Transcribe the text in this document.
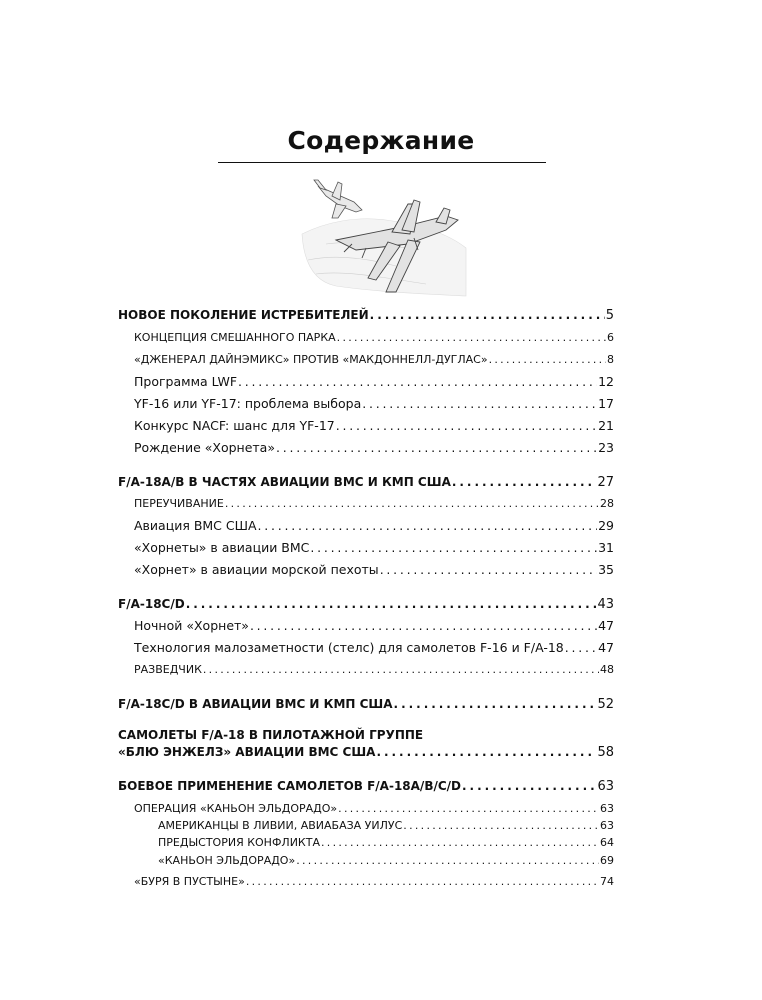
Содержание
НОВОЕ ПОКОЛЕНИЕ ИСТРЕБИТЕЛЕЙ . . .	5
КОНЦЕПЦИЯ СМЕШАННОГО ПАРКА . . .	6
«ДЖЕНЕРАЛ ДАЙНЭМИКС» ПРОТИВ «МАКДОННЕЛЛ-ДУГЛАС» . . .	8
Программа LWF . . .	12
YF-16 или YF-17: проблема выбора . . .	17
Конкурс NACF: шанс для YF-17 . . .	21
Рождение «Хорнета» . . .	23
F/A-18A/B В ЧАСТЯХ АВИАЦИИ ВМС И КМП США . . .	27
ПЕРЕУЧИВАНИЕ . . .	28
Авиация ВМС США . . .	29
«Хорнеты» в авиации ВМС . . .	31
«Хорнет» в авиации морской пехоты . . .	35
F/A-18C/D . . .	43
Ночной «Хорнет» . . .	47
Технология малозаметности (стелс) для самолетов F-16 и F/A-18 . . .	47
РАЗВЕДЧИК . . .	48
F/A-18C/D В АВИАЦИИ ВМС И КМП США . . .	52
САМОЛЕТЫ F/A-18 В ПИЛОТАЖНОЙ ГРУППЕ
«БЛЮ ЭНЖЕЛЗ» АВИАЦИИ ВМС США . . .	58
БОЕВОЕ ПРИМЕНЕНИЕ САМОЛЕТОВ F/A-18A/B/C/D . . .	63
ОПЕРАЦИЯ «КАНЬОН ЭЛЬДОРАДО» . . .	63
АМЕРИКАНЦЫ В ЛИВИИ, АВИАБАЗА УИЛУС . . .	63
ПРЕДЫСТОРИЯ КОНФЛИКТА . . .	64
«КАНЬОН ЭЛЬДОРАДО» . . .	69
«БУРЯ В ПУСТЫНЕ» . . .	74
